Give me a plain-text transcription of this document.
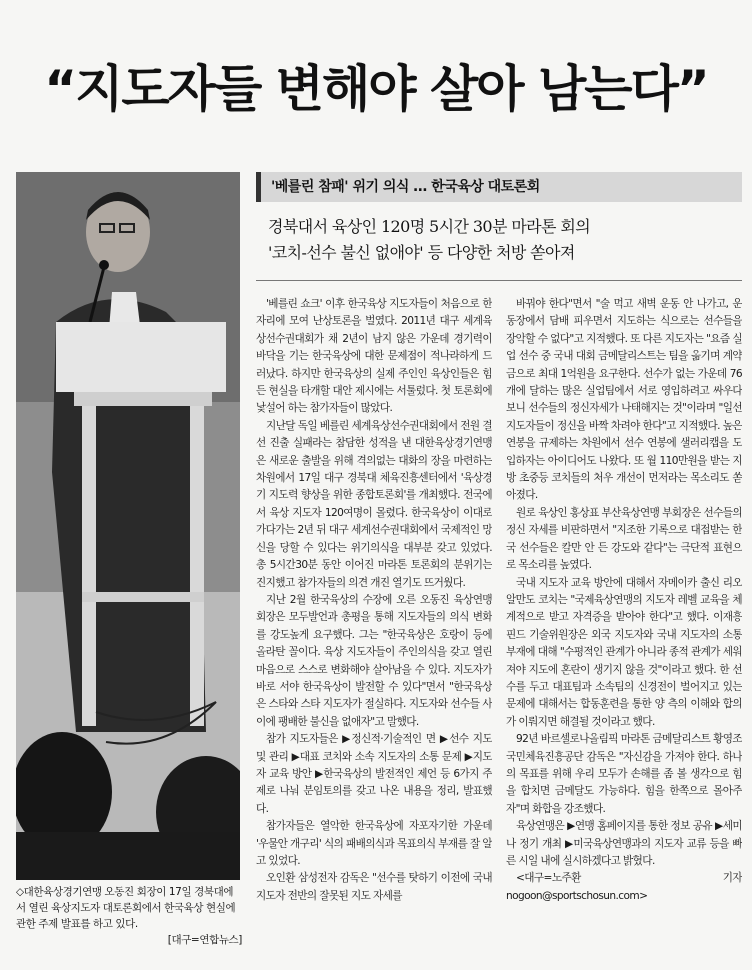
“지도자들 변해야 살아 남는다”
◇대한육상경기연맹 오동진 회장이 17일 경북대에서 열린 육상지도자 대토론회에서 한국육상 현실에 관한 주제 발표를 하고 있다.
[대구=연합뉴스]
'베를린 참패' 위기 의식 … 한국육상 대토론회
경북대서 육상인 120명 5시간 30분 마라톤 회의
'코치-선수 불신 없애야' 등 다양한 처방 쏟아져

'베를린 쇼크' 이후 한국육상 지도자들이 처음으로 한 자리에 모여 난상토론을 벌였다. 2011년 대구 세계육상선수권대회가 채 2년이 남지 않은 가운데 경기력이 바닥을 기는 한국육상에 대한 문제점이 적나라하게 드러났다. 하지만 한국육상의 실제 주인인 육상인들은 힘든 현실을 타개할 대안 제시에는 서툴렀다. 첫 토론회에 낯설어 하는 참가자들이 많았다.

지난달 독일 베를린 세계육상선수권대회에서 전원 결선 진출 실패라는 참담한 성적을 낸 대한육상경기연맹은 새로운 출발을 위해 격의없는 대화의 장을 마련하는 차원에서 17일 대구 경북대 체육진흥센터에서 '육상경기 지도력 향상을 위한 종합토론회'를 개최했다. 전국에서 육상 지도자 120여명이 몰렸다. 한국육상이 이대로 가다가는 2년 뒤 대구 세계선수권대회에서 국제적인 망신을 당할 수 있다는 위기의식을 대부분 갖고 있었다. 총 5시간30분 동안 이어진 마라톤 토론회의 분위기는 진지했고 참가자들의 의견 개진 열기도 뜨거웠다.

지난 2월 한국육상의 수장에 오른 오동진 육상연맹 회장은 모두발언과 총평을 통해 지도자들의 의식 변화를 강도높게 요구했다. 그는 "한국육상은 호랑이 등에 올라탄 꼴이다. 육상 지도자들이 주인의식을 갖고 열린 마음으로 스스로 변화해야 살아남을 수 있다. 지도자가 바로 서야 한국육상이 발전할 수 있다"면서 "한국육상은 스타와 스타 지도자가 절실하다. 지도자와 선수들 사이에 팽배한 불신을 없애자"고 말했다.

참가 지도자들은 ▶정신적·기술적인 면 ▶선수 지도 및 관리 ▶대표 코치와 소속 지도자의 소통 문제 ▶지도자 교육 방안 ▶한국육상의 발전적인 제언 등 6가지 주제로 나눠 분임토의를 갖고 나온 내용을 정리, 발표했다.

참가자들은 열악한 한국육상에 자포자기한 가운데 '우물안 개구리' 식의 패배의식과 목표의식 부재를 잘 알고 있었다.

오인환 삼성전자 감독은 "선수를 탓하기 이전에 국내 지도자 전반의 잘못된 지도 자세를

바꿔야 한다"면서 "술 먹고 새벽 운동 안 나가고, 운동장에서 담배 피우면서 지도하는 식으로는 선수들을 장악할 수 없다"고 지적했다. 또 다른 지도자는 "요즘 실업 선수 중 국내 대회 금메달리스트는 팀을 옮기며 계약금으로 최대 1억원을 요구한다. 선수가 없는 가운데 76개에 달하는 많은 실업팀에서 서로 영입하려고 싸우다보니 선수들의 정신자세가 나태해지는 것"이라며 "일선 지도자들이 정신을 바짝 차려야 한다"고 지적했다. 높은 연봉을 규제하는 차원에서 선수 연봉에 샐러리캡을 도입하자는 아이디어도 나왔다. 또 월 110만원을 받는 지방 초중등 코치들의 처우 개선이 먼저라는 목소리도 쏟아졌다.

원로 육상인 홍상표 부산육상연맹 부회장은 선수들의 정신 자세를 비판하면서 "지조한 기록으로 대접받는 한국 선수들은 칼만 안 든 강도와 같다"는 극단적 표현으로 목소리를 높였다.

국내 지도자 교육 방안에 대해서 자메이카 출신 리오 알만도 코치는 "국제육상연맹의 지도자 레벨 교육을 체계적으로 받고 자격증을 받아야 한다"고 했다. 이재흥 핀드 기술위원장은 외국 지도자와 국내 지도자의 소통 부재에 대해 "수평적인 관계가 아니라 종적 관계가 세워져야 지도에 혼란이 생기지 않을 것"이라고 했다. 한 선수를 두고 대표팀과 소속팀의 신경전이 벌어지고 있는 문제에 대해서는 합동훈련을 통한 양 측의 이해와 합의가 이뤄지면 해결될 것이라고 했다.

92년 바르셀로나올림픽 마라톤 금메달리스트 황영조 국민체육진흥공단 감독은 "자신감을 가져야 한다. 하나의 목표를 위해 우리 모두가 손해를 좀 볼 생각으로 힘을 합치면 금메달도 가능하다. 힘을 한쪽으로 몰아주자"며 화합을 강조했다.

육상연맹은 ▶연맹 홈페이지를 통한 정보 공유 ▶세미나 정기 개최 ▶미국육상연맹과의 지도자 교류 등을 빠른 시일 내에 실시하겠다고 밝혔다.

<대구=노주환 기자 nogoon@sportschosun.com>
